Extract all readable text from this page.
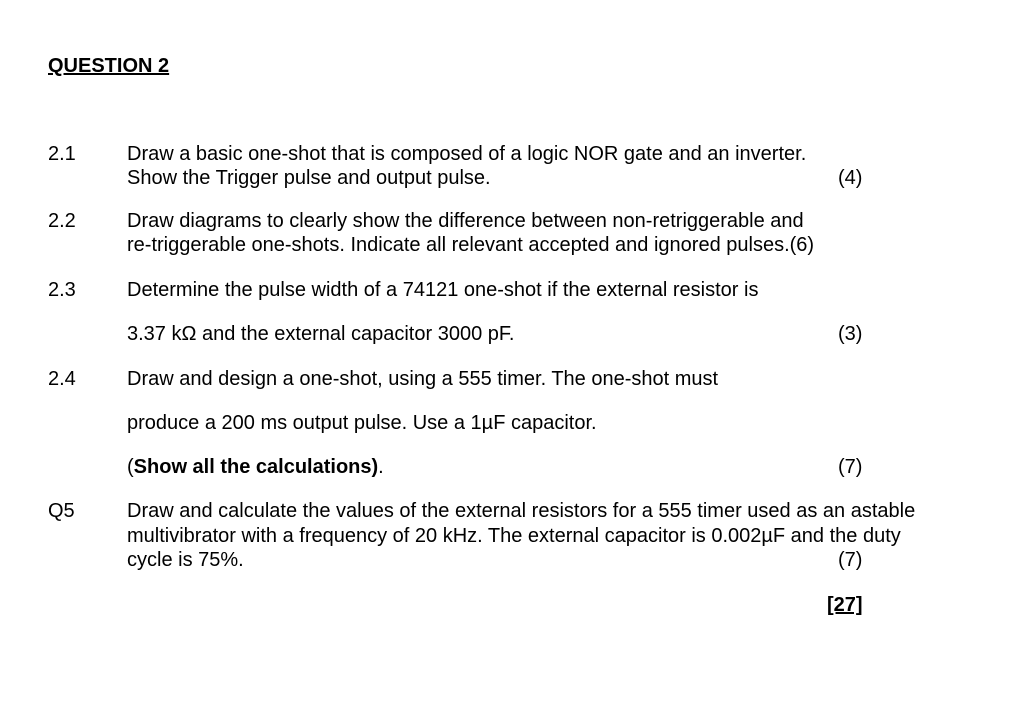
QUESTION 2
2.1	Draw a basic one-shot that is composed of a logic NOR gate and an inverter.
Show the Trigger pulse and output pulse.	(4)
2.2	Draw diagrams to clearly show the difference between non-retriggerable and
re-triggerable one-shots. Indicate all relevant accepted and ignored pulses.(6)
2.3	Determine the pulse width of a 74121 one-shot if the external resistor is
3.37 kΩ and the external capacitor 3000 pF.	(3)
2.4	Draw and design a one-shot, using a 555 timer. The one-shot must
produce a 200 ms output pulse. Use a 1µF capacitor.
(Show all the calculations).	(7)
Q5	Draw and calculate the values of the external resistors for a 555 timer used as an astable
multivibrator with a frequency of 20 kHz. The external capacitor is 0.002µF and the duty
cycle is 75%.	(7)
[27]
